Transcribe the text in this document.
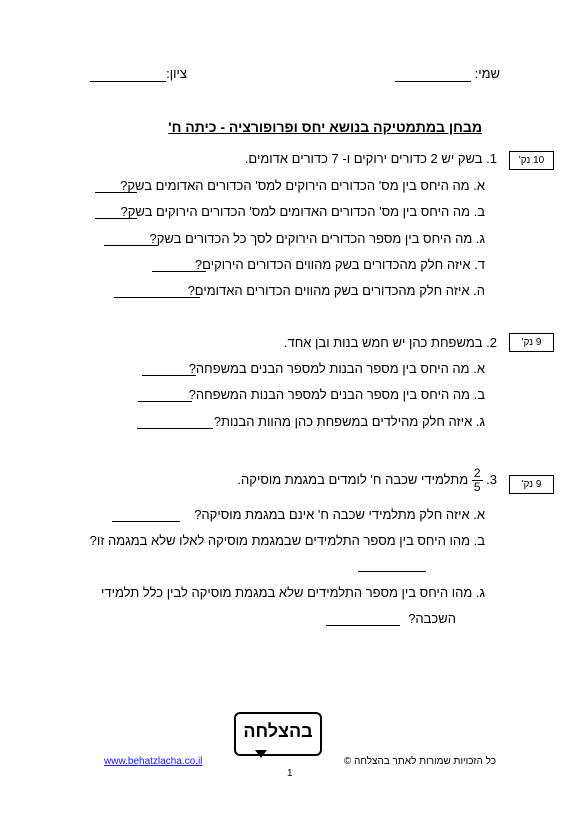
שמי:
ציון:
מבחן במתמטיקה בנושא יחס ופרופורציה - כיתה ח'
10 נק'
1. בשק יש 2 כדורים ירוקים ו- 7 כדורים אדומים.
א. מה היחס בין מס' הכדורים הירוקים למס' הכדורים האדומים בשק?
ב. מה היחס בין מס' הכדורים האדומים למס' הכדורים הירוקים בשק?
ג. מה היחס בין מספר הכדורים הירוקים לסך כל הכדורים בשק?
ד. איזה חלק מהכדורים בשק מהווים הכדורים הירוקים?
ה. איזה חלק מהכדורים בשק מהווים הכדורים האדומים?
9 נק'
2. במשפחת כהן יש חמש בנות ובן אחד.
א. מה היחס בין מספר הבנות למספר הבנים במשפחה?
ב. מה היחס בין מספר הבנים למספר הבנות המשפחה?
ג. איזה חלק מהילדים במשפחת כהן מהוות הבנות?
9 נק'
3.
$\frac{2}{5}$
מתלמידי שכבה ח' לומדים במגמת מוסיקה.
א. איזה חלק מתלמידי שכבה ח' אינם במגמת מוסיקה?
ב. מהו היחס בין מספר התלמידים שבמגמת מוסיקה לאלו שלא במגמה זו?
ג. מהו היחס בין מספר התלמידים שלא במגמת מוסיקה לבין כלל תלמידי
השכבה?
בהצלחה
www.behatzlacha.co.il
1
כל הזכויות שמורות לאתר בהצלחה ©
